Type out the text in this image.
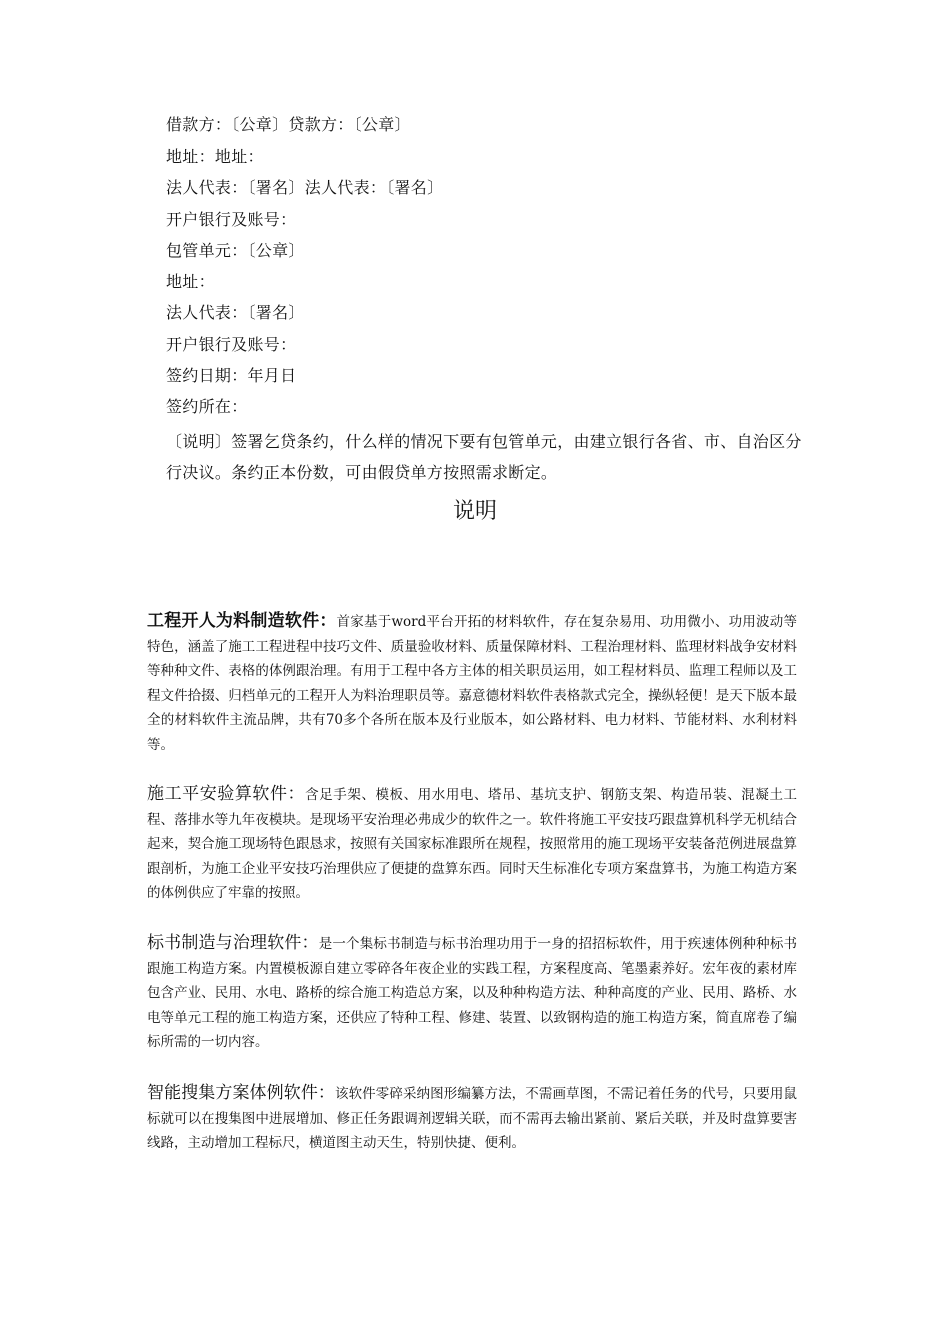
借款方：〔公章〕贷款方：〔公章〕
地址：地址：
法人代表：〔署名〕法人代表：〔署名〕
开户银行及账号：
包管单元：〔公章〕
地址：
法人代表：〔署名〕
开户银行及账号：
签约日期：年月日
签约所在：
〔说明〕签署乞贷条约，什么样的情况下要有包管单元，由建立银行各省、市、自治区分行决议。条约正本份数，可由假贷单方按照需求断定。
说明
工程开人为料制造软件：首家基于word平台开拓的材料软件，存在复杂易用、功用微小、功用波动等特色，涵盖了施工工程进程中技巧文件、质量验收材料、质量保障材料、工程治理材料、监理材料战争安材料等种种文件、表格的体例跟治理。有用于工程中各方主体的相关职员运用，如工程材料员、监理工程师以及工程文件拾掇、归档单元的工程开人为料治理职员等。嘉意德材料软件表格款式完全，操纵轻便！是天下版本最全的材料软件主流品牌，共有70多个各所在版本及行业版本，如公路材料、电力材料、节能材料、水利材料等。
施工平安验算软件：含足手架、模板、用水用电、塔吊、基坑支护、钢筋支架、构造吊装、混凝土工程、落排水等九年夜模块。是现场平安治理必弗成少的软件之一。软件将施工平安技巧跟盘算机科学无机结合起来，契合施工现场特色跟恳求，按照有关国家标准跟所在规程，按照常用的施工现场平安装备范例进展盘算跟剖析，为施工企业平安技巧治理供应了便捷的盘算东西。同时天生标准化专项方案盘算书，为施工构造方案的体例供应了牢靠的按照。
标书制造与治理软件：是一个集标书制造与标书治理功用于一身的招招标软件，用于疾速体例种种标书跟施工构造方案。内置模板源自建立零碎各年夜企业的实践工程，方案程度高、笔墨素养好。宏年夜的素材库包含产业、民用、水电、路桥的综合施工构造总方案，以及种种构造方法、种种高度的产业、民用、路桥、水电等单元工程的施工构造方案，还供应了特种工程、修建、装置、以致钢构造的施工构造方案，简直席卷了编标所需的一切内容。
智能搜集方案体例软件：该软件零碎采纳图形编纂方法，不需画草图，不需记着任务的代号，只要用鼠标就可以在搜集图中进展增加、修正任务跟调剂逻辑关联，而不需再去输出紧前、紧后关联，并及时盘算要害线路，主动增加工程标尺，横道图主动天生，特别快捷、便利。
